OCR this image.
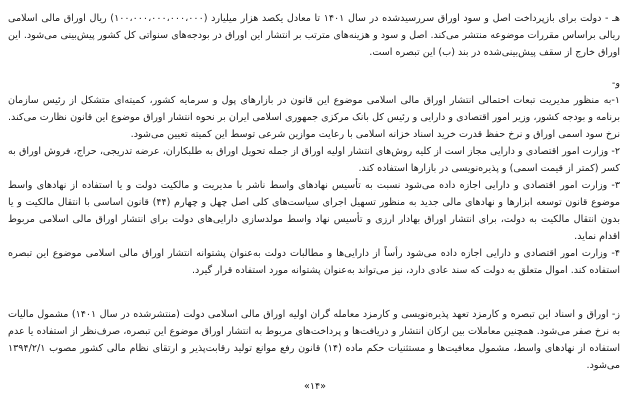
هـ - دولت برای بازپرداخت اصل و سود اوراق سررسیدشده در سال ۱۴۰۱ تا معادل یکصد هزار میلیارد (۱۰۰،۰۰۰،۰۰۰،۰۰۰،۰۰۰) ریال اوراق مالی اسلامی ریالی براساس مقررات موضوعه منتشر می‌کند. اصل و سود و هزینه‌های مترتب بر انتشار این اوراق در بودجه‌های سنواتی کل کشور پیش‌بینی می‌شود. این اوراق خارج از سقف پیش‌بینی‌شده در بند (ب) این تبصره است.

و-

۱-به منظور مدیریت تبعات احتمالی انتشار اوراق مالی اسلامی موضوع این قانون در بازارهای پول و سرمایه کشور، کمیته‌ای متشکل از رئیس سازمان برنامه و بودجه کشور، وزیر امور اقتصادی و دارایی و رئیس کل بانک مرکزی جمهوری اسلامی ایران بر نحوه انتشار اوراق موضوع این قانون نظارت می‌کند. نرخ سود اسمی اوراق و نرخ حفظ قدرت خرید اسناد خزانه اسلامی با رعایت موازین شرعی توسط این کمیته تعیین می‌شود.

۲- وزارت امور اقتصادی و دارایی مجاز است از کلیه روش‌های انتشار اولیه اوراق از جمله تحویل اوراق به طلبکاران، عرضه تدریجی، حراج، فروش اوراق به کسر (کمتر از قیمت اسمی) و پذیره‌نویسی در بازارها استفاده کند.

۳- وزارت امور اقتصادی و دارایی اجازه داده می‌شود نسبت به تأسیس نهادهای واسط ناشر با مدیریت و مالکیت دولت و یا استفاده از نهادهای واسط موضوع قانون توسعه ابزارها و نهادهای مالی جدید به منظور تسهیل اجرای سیاست‌های کلی اصل چهل و چهارم (۴۴) قانون اساسی با انتقال مالکیت و یا بدون انتقال مالکیت به دولت، برای انتشار اوراق بهادار ارزی و تأسیس نهاد واسط مولدسازی دارایی‌های دولت برای انتشار اوراق مالی اسلامی مربوط اقدام نماید.

۴- وزارت امور اقتصادی و دارایی اجازه داده می‌شود رأساً از دارایی‌ها و مطالبات دولت به‌عنوان پشتوانه انتشار اوراق مالی اسلامی موضوع این تبصره استفاده کند. اموال متعلق به دولت که سند عادی دارد، نیز می‌تواند به‌عنوان پشتوانه مورد استفاده قرار گیرد.

ز- اوراق و اسناد این تبصره و کارمزد تعهد پذیره‌نویسی و کارمزد معامله گران اولیه اوراق مالی اسلامی دولت (منتشرشده در سال ۱۴۰۱) مشمول مالیات به نرخ صفر می‌شود. همچنین معاملات بین ارکان انتشار و دریافت‌ها و پرداخت‌های مربوط به انتشار اوراق موضوع این تبصره، صرف‌نظر از استفاده یا عدم استفاده از نهادهای واسط، مشمول معافیت‌ها و مستثنیات حکم ماده (۱۴) قانون رفع موانع تولید رقابت‌پذیر و ارتقای نظام مالی کشور مصوب ۱۳۹۴/۲/۱ می‌شود.

«۱۴»
